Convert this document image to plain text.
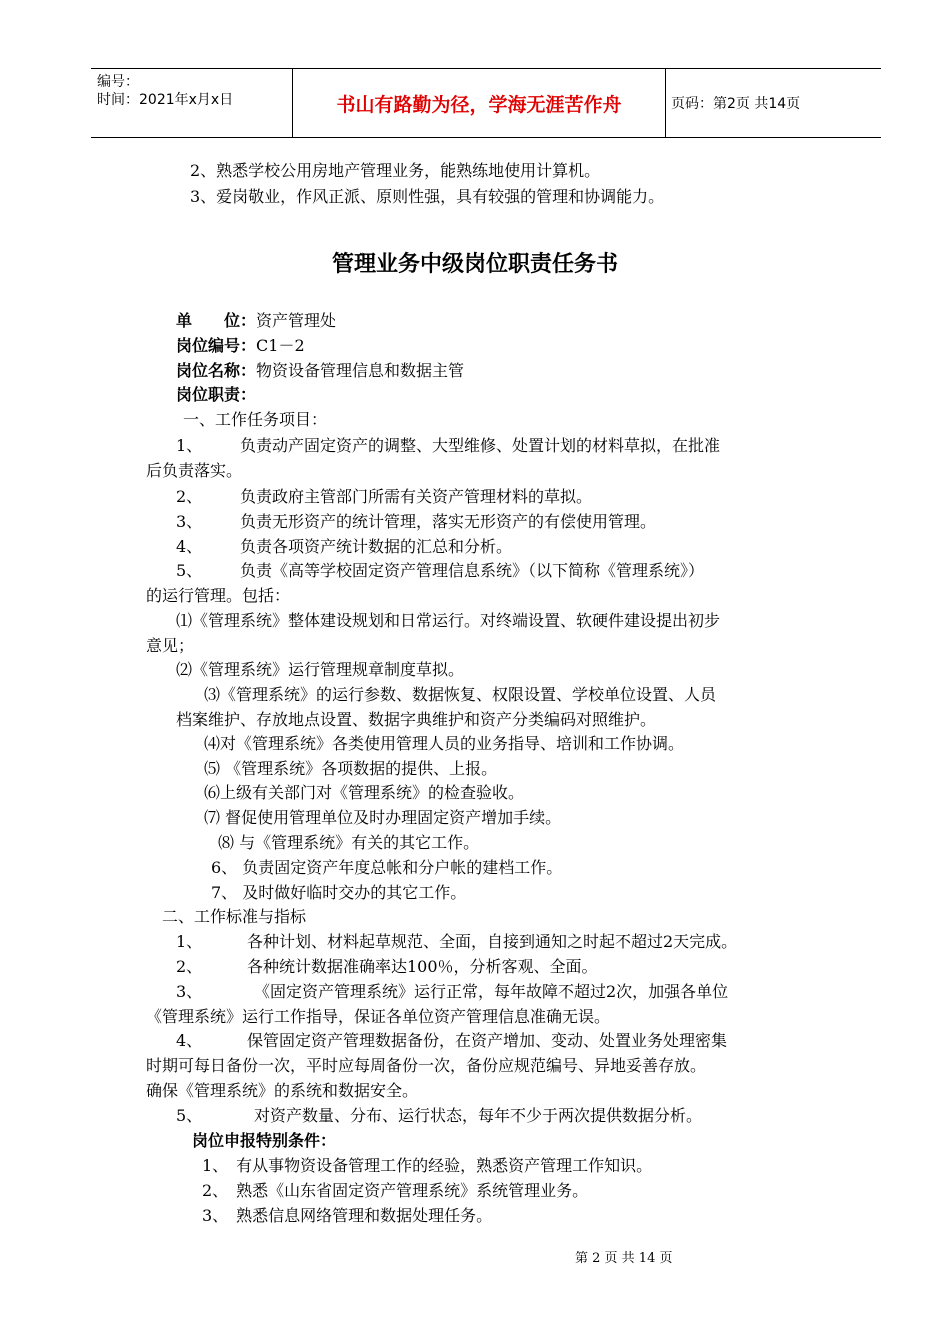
编号：
时间：2021年x月x日	书山有路勤为径，学海无涯苦作舟	页码：第2页 共14页
2、熟悉学校公用房地产管理业务，能熟练地使用计算机。
3、爱岗敬业，作风正派、原则性强，具有较强的管理和协调能力。
管理业务中级岗位职责任务书
单　　位：资产管理处
岗位编号：C1－2
岗位名称：物资设备管理信息和数据主管
岗位职责：
一、工作任务项目：
1、 负责动产固定资产的调整、大型维修、处置计划的材料草拟，在批准
后负责落实。
2、 负责政府主管部门所需有关资产管理材料的草拟。
3、 负责无形资产的统计管理，落实无形资产的有偿使用管理。
4、 负责各项资产统计数据的汇总和分析。
5、 负责《高等学校固定资产管理信息系统》（以下简称《管理系统》）
的运行管理。包括：
⑴《管理系统》整体建设规划和日常运行。对终端设置、软硬件建设提出初步
意见；
⑵《管理系统》运行管理规章制度草拟。
⑶《管理系统》的运行参数、数据恢复、权限设置、学校单位设置、人员
档案维护、存放地点设置、数据字典维护和资产分类编码对照维护。
⑷对《管理系统》各类使用管理人员的业务指导、培训和工作协调。
⑸ 《管理系统》各项数据的提供、上报。
⑹上级有关部门对《管理系统》的检查验收。
⑺ 督促使用管理单位及时办理固定资产增加手续。
⑻ 与《管理系统》有关的其它工作。
6、 负责固定资产年度总帐和分户帐的建档工作。
7、 及时做好临时交办的其它工作。
二、工作标准与指标
1、	各种计划、材料起草规范、全面，自接到通知之时起不超过2天完成。
2、	各种统计数据准确率达100％，分析客观、全面。
3、	《固定资产管理系统》运行正常，每年故障不超过2次，加强各单位
《管理系统》运行工作指导，保证各单位资产管理信息准确无误。
4、	保管固定资产管理数据备份，在资产增加、变动、处置业务处理密集
时期可每日备份一次，平时应每周备份一次，备份应规范编号、异地妥善存放。
确保《管理系统》的系统和数据安全。
5、	对资产数量、分布、运行状态，每年不少于两次提供数据分析。
岗位申报特别条件：
1、　有从事物资设备管理工作的经验，熟悉资产管理工作知识。
2、　熟悉《山东省固定资产管理系统》系统管理业务。
3、　熟悉信息网络管理和数据处理任务。
第 2 页 共 14 页
